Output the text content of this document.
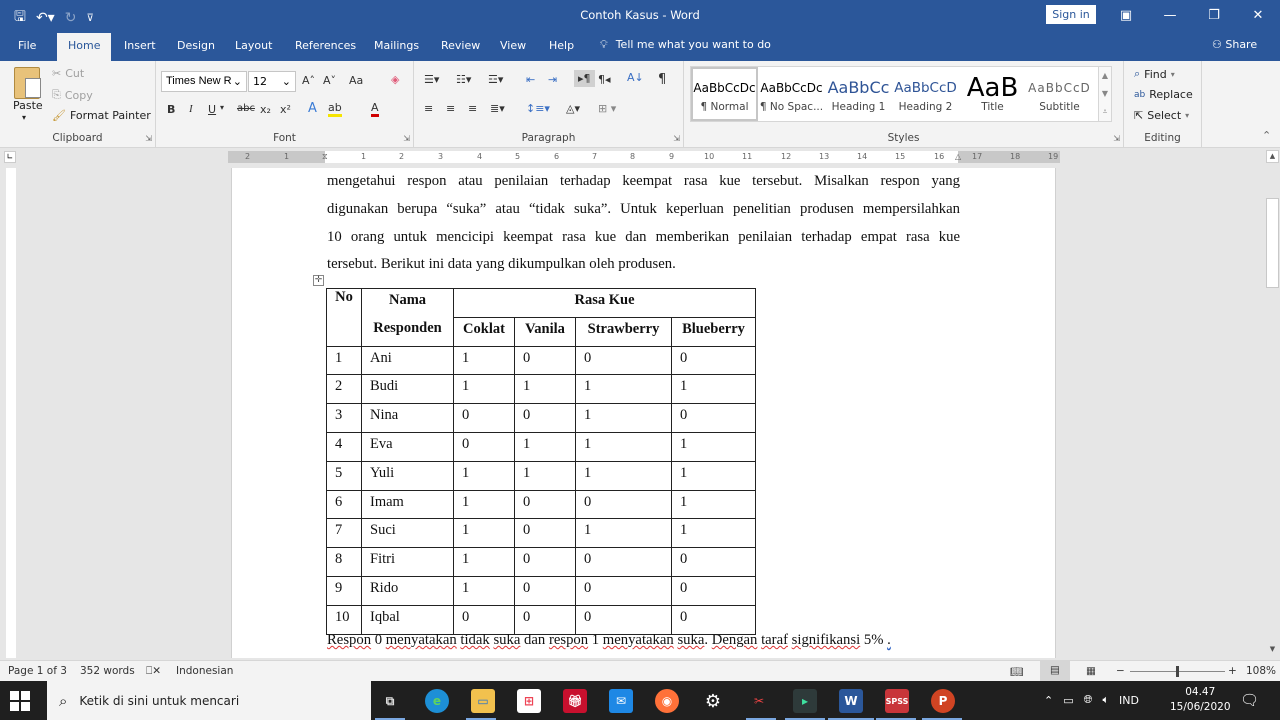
🖫 ↶▾ ↻ ⊽	Contoh Kasus - Word	Sign in	▣	—	❐	✕
File	Home	Insert Design Layout References Mailings Review View Help 💡︎ Tell me what you want to do	⚇ Share
Paste
▾
✂ Cut
⎘ Copy
🖌︎ Format Painter
Clipboard	⇲
Times New R ⌄ 12 ⌄ A˄ A˅ Aa	◈
B I U ▾ abc x₂ x² A ab	A
Font	⇲
☰▾ ☷▾ ☲▾ ⇤ ⇥	▸¶ ¶◂ A↓ ¶
≡ ≡ ≡ ≣▾ ↕≡▾ ◬▾ ⊞ ▾
Paragraph	⇲	Styles	⇲
AaBbCcDc
¶ Normal
AaBbCcDc
¶ No Spac...
AaBbCc
Heading 1
AaBbCcD
Heading 2
AaB
Title
AaBbCcD
Subtitle
▲
▼
⩡
⌕ Find ▾
ab Replace
⇱ Select ▾
Editing	⌃
∟	2	1	⧖	1	2	3	4	5	6	7	8	9	10	11	12	13	14	15	16 △ 17	18	19
mengetahui respon atau penilaian terhadap keempat rasa kue tersebut. Misalkan respon yang
digunakan berupa “suka” atau “tidak suka”. Untuk keperluan penelitian produsen mempersilahkan
10 orang untuk mencicipi keempat rasa kue dan memberikan penilaian terhadap empat rasa kue
tersebut. Berikut ini data yang dikumpulkan oleh produsen.
✛
No	Nama	Rasa Kue			
	Responden	Coklat	Vanila	Strawberry	Blueberry
1	Ani	1	0	0	0
2	Budi	1	1	1	1
3	Nina	0	0	1	0
4	Eva	0	1	1	1
5	Yuli	1	1	1	1
6	Imam	1	0	0	1
7	Suci	1	0	1	1
8	Fitri	1	0	0	0
9	Rido	1	0	0	0
10	Iqbal	0	0	0	0
Respon 0 menyatakan tidak suka dan respon 1 menyatakan suka. Dengan taraf signifikansi 5% .
▲
▼
Page 1 of 3 352 words ⎕✕ Indonesian	📖︎	▤	▦ −	+ 108%
⌕ Ketik di sini untuk mencari	⧉	e	▭	⊞	🎁︎	✉	◉	⚙	✂	▸	W	SPSS	P	⌃ ▭ 🌐︎ 🔈︎ IND
04.47
15/06/2020 🗨︎
